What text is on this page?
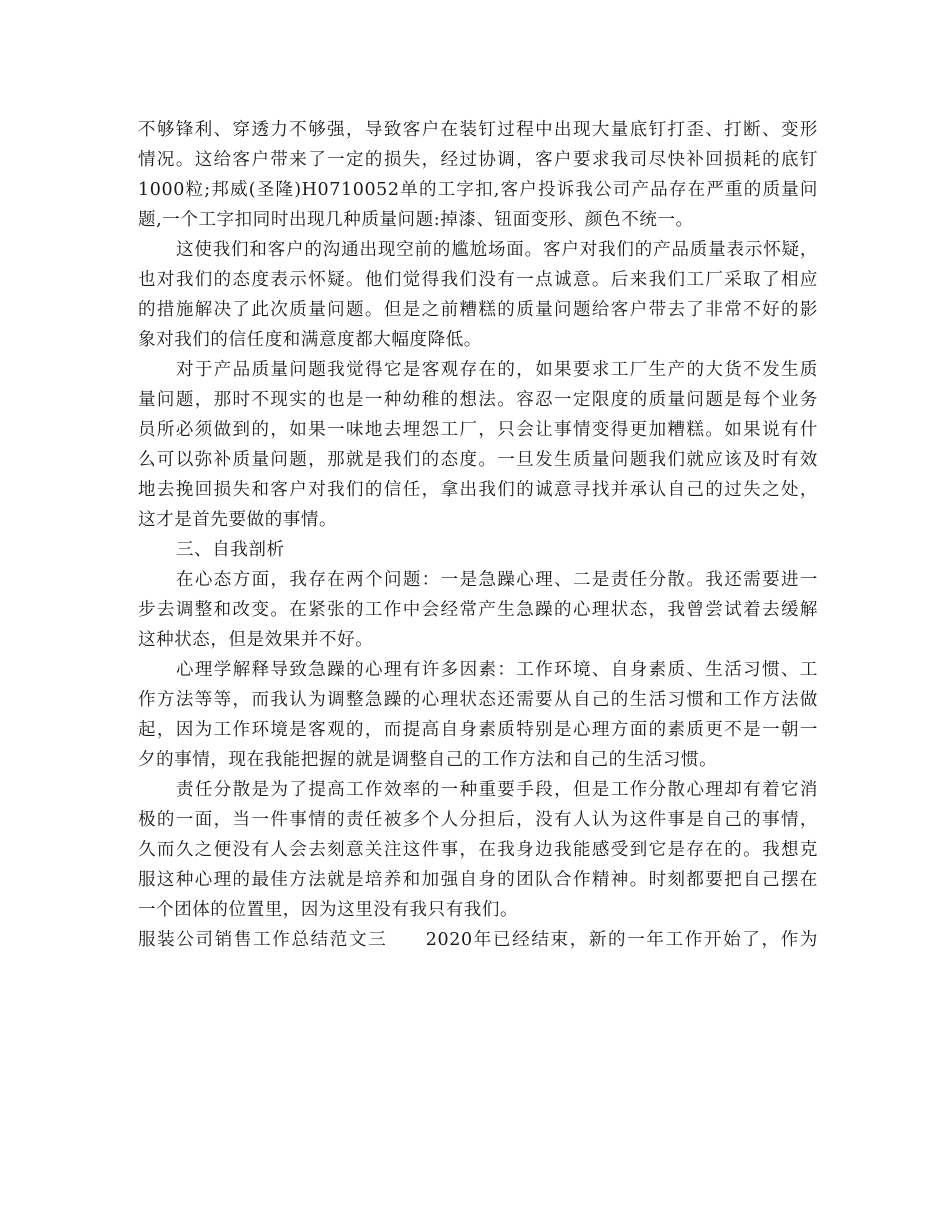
不够锋利、穿透力不够强，导致客户在装钉过程中出现大量底钉打歪、打断、变形

情况。这给客户带来了一定的损失，经过协调，客户要求我司尽快补回损耗的底钉

1000粒;邦威(圣隆)H0710052单的工字扣,客户投诉我公司产品存在严重的质量问

题,一个工字扣同时出现几种质量问题:掉漆、钮面变形、颜色不统一。

这使我们和客户的沟通出现空前的尴尬场面。客户对我们的产品质量表示怀疑，

也对我们的态度表示怀疑。他们觉得我们没有一点诚意。后来我们工厂采取了相应

的措施解决了此次质量问题。但是之前糟糕的质量问题给客户带去了非常不好的影

象对我们的信任度和满意度都大幅度降低。

对于产品质量问题我觉得它是客观存在的，如果要求工厂生产的大货不发生质

量问题，那时不现实的也是一种幼稚的想法。容忍一定限度的质量问题是每个业务

员所必须做到的，如果一味地去埋怨工厂，只会让事情变得更加糟糕。如果说有什

么可以弥补质量问题，那就是我们的态度。一旦发生质量问题我们就应该及时有效

地去挽回损失和客户对我们的信任，拿出我们的诚意寻找并承认自己的过失之处，

这才是首先要做的事情。

三、自我剖析

在心态方面，我存在两个问题：一是急躁心理、二是责任分散。我还需要进一

步去调整和改变。在紧张的工作中会经常产生急躁的心理状态，我曾尝试着去缓解

这种状态，但是效果并不好。

心理学解释导致急躁的心理有许多因素：工作环境、自身素质、生活习惯、工

作方法等等，而我认为调整急躁的心理状态还需要从自己的生活习惯和工作方法做

起，因为工作环境是客观的，而提高自身素质特别是心理方面的素质更不是一朝一

夕的事情，现在我能把握的就是调整自己的工作方法和自己的生活习惯。

责任分散是为了提高工作效率的一种重要手段，但是工作分散心理却有着它消

极的一面，当一件事情的责任被多个人分担后，没有人认为这件事是自己的事情，

久而久之便没有人会去刻意关注这件事，在我身边我能感受到它是存在的。我想克

服这种心理的最佳方法就是培养和加强自身的团队合作精神。时刻都要把自己摆在

一个团体的位置里，因为这里没有我只有我们。

服装公司销售工作总结范文三　　2020年已经结束，新的一年工作开始了，作为
